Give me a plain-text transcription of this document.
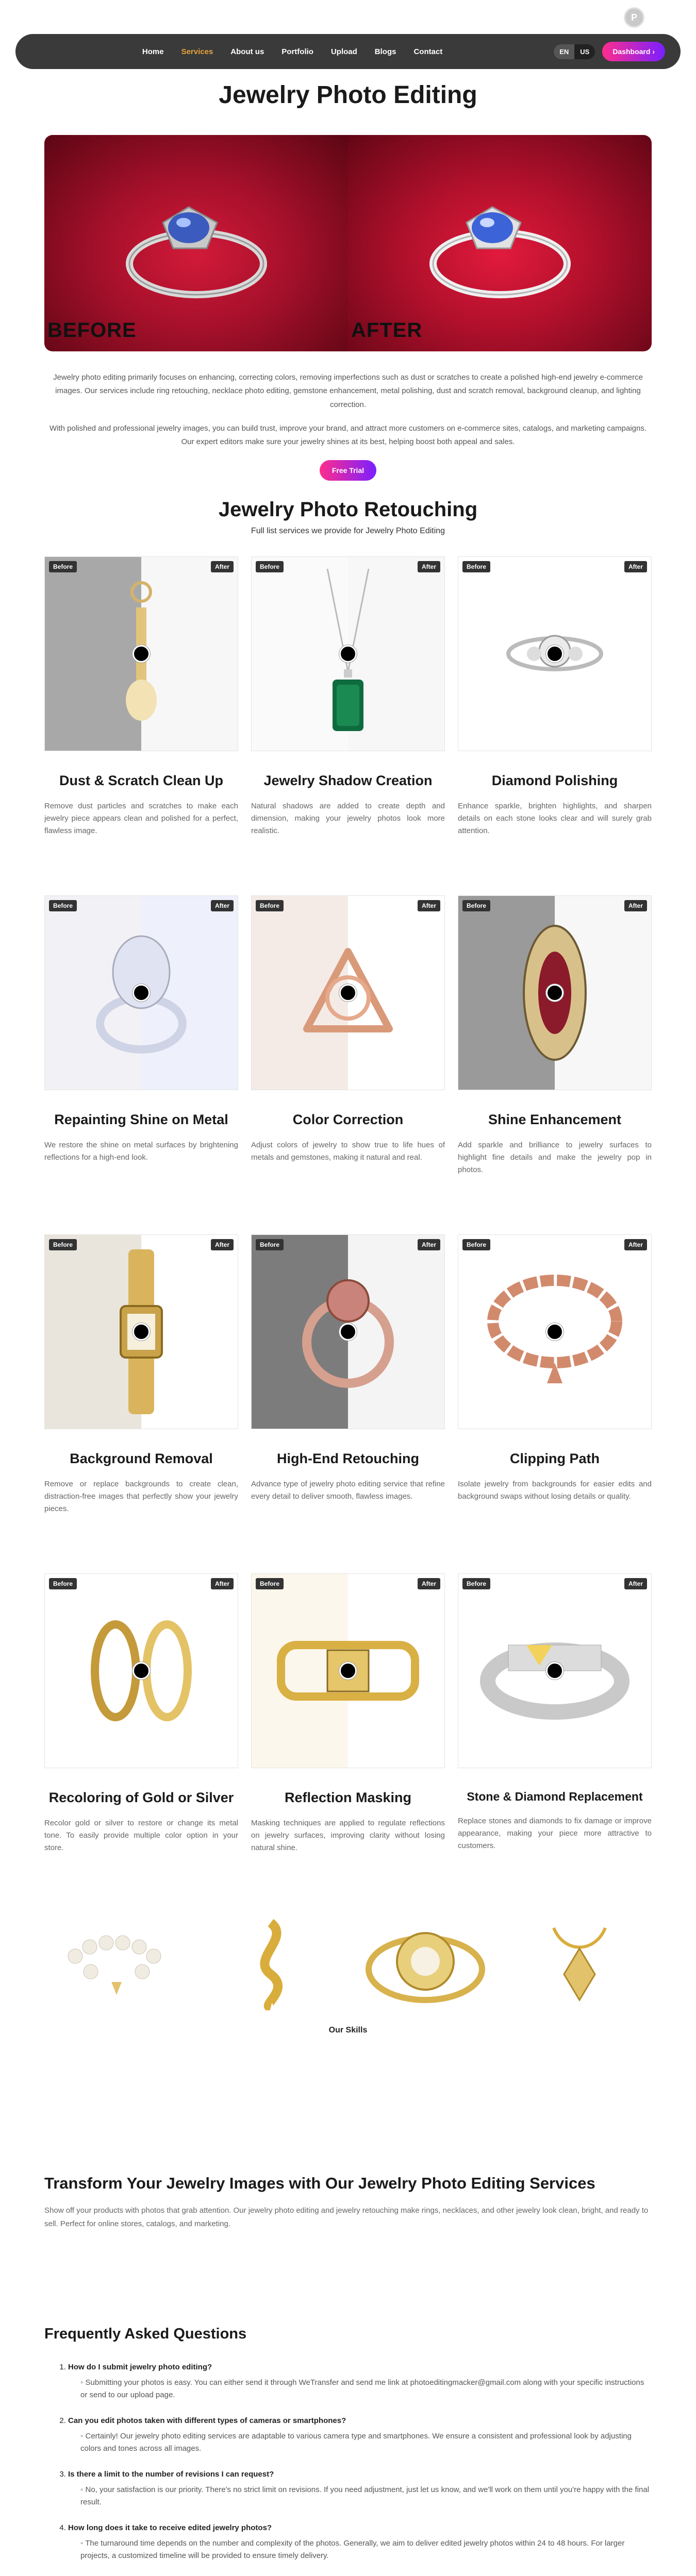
P
Home Services About us Portfolio Upload Blogs Contact	EN	US	Dashboard ›
Jewelry Photo Editing
BEFORE	AFTER

Jewelry photo editing primarily focuses on enhancing, correcting colors, removing imperfections such as dust or scratches to create a polished high-end jewelry e-commerce images. Our services include ring retouching, necklace photo editing, gemstone enhancement, metal polishing, dust and scratch removal, background cleanup, and lighting correction.

With polished and professional jewelry images, you can build trust, improve your brand, and attract more customers on e-commerce sites, catalogs, and marketing campaigns. Our expert editors make sure your jewelry shines at its best, helping boost both appeal and sales.

Free Trial
Jewelry Photo Retouching
Full list services we provide for Jewelry Photo Editing
Before	After
Dust & Scratch Clean Up

Remove dust particles and scratches to make each jewelry piece appears clean and polished for a perfect, flawless image.

Before	After
Jewelry Shadow Creation

Natural shadows are added to create depth and dimension, making your jewelry photos look more realistic.

Before	After
Diamond Polishing

Enhance sparkle, brighten highlights, and sharpen details on each stone looks clear and will surely grab attention.

Before	After
Repainting Shine on Metal

We restore the shine on metal surfaces by brightening reflections for a high-end look.

Before	After
Color Correction

Adjust colors of jewelry to show true to life hues of metals and gemstones, making it natural and real.

Before	After
Shine Enhancement

Add sparkle and brilliance to jewelry surfaces to highlight fine details and make the jewelry pop in photos.

Before	After
Background Removal

Remove or replace backgrounds to create clean, distraction-free images that perfectly show your jewelry pieces.

Before	After
High-End Retouching

Advance type of jewelry photo editing service that refine every detail to deliver smooth, flawless images.

Before	After
Clipping Path

Isolate jewelry from backgrounds for easier edits and background swaps without losing details or quality.

Before	After
Recoloring of Gold or Silver

Recolor gold or silver to restore or change its metal tone. To easily provide multiple color option in your store.

Before	After
Reflection Masking

Masking techniques are applied to regulate reflections on jewelry surfaces, improving clarity without losing natural shine.

Before	After
Stone & Diamond Replacement

Replace stones and diamonds to fix damage or improve appearance, making your piece more attractive to customers.

Our Skills
Transform Your Jewelry Images with Our Jewelry Photo Editing Services

Show off your products with photos that grab attention. Our jewelry photo editing and jewelry retouching make rings, necklaces, and other jewelry look clean, bright, and ready to sell. Perfect for online stores, catalogs, and marketing.

Frequently Asked Questions
1. How do I submit jewelry photo editing?
◦ Submitting your photos is easy. You can either send it through WeTransfer and send me link at photoeditingmacker@gmail.com along with your specific instructions or send to our upload page.
2. Can you edit photos taken with different types of cameras or smartphones?
◦ Certainly! Our jewelry photo editing services are adaptable to various camera type and smartphones. We ensure a consistent and professional look by adjusting colors and tones across all images.
3. Is there a limit to the number of revisions I can request?
◦ No, your satisfaction is our priority. There's no strict limit on revisions. If you need adjustment, just let us know, and we'll work on them until you're happy with the final result.
4. How long does it take to receive edited jewelry photos?
◦ The turnaround time depends on the number and complexity of the photos. Generally, we aim to deliver edited jewelry photos within 24 to 48 hours. For larger projects, a customized timeline will be provided to ensure timely delivery.
